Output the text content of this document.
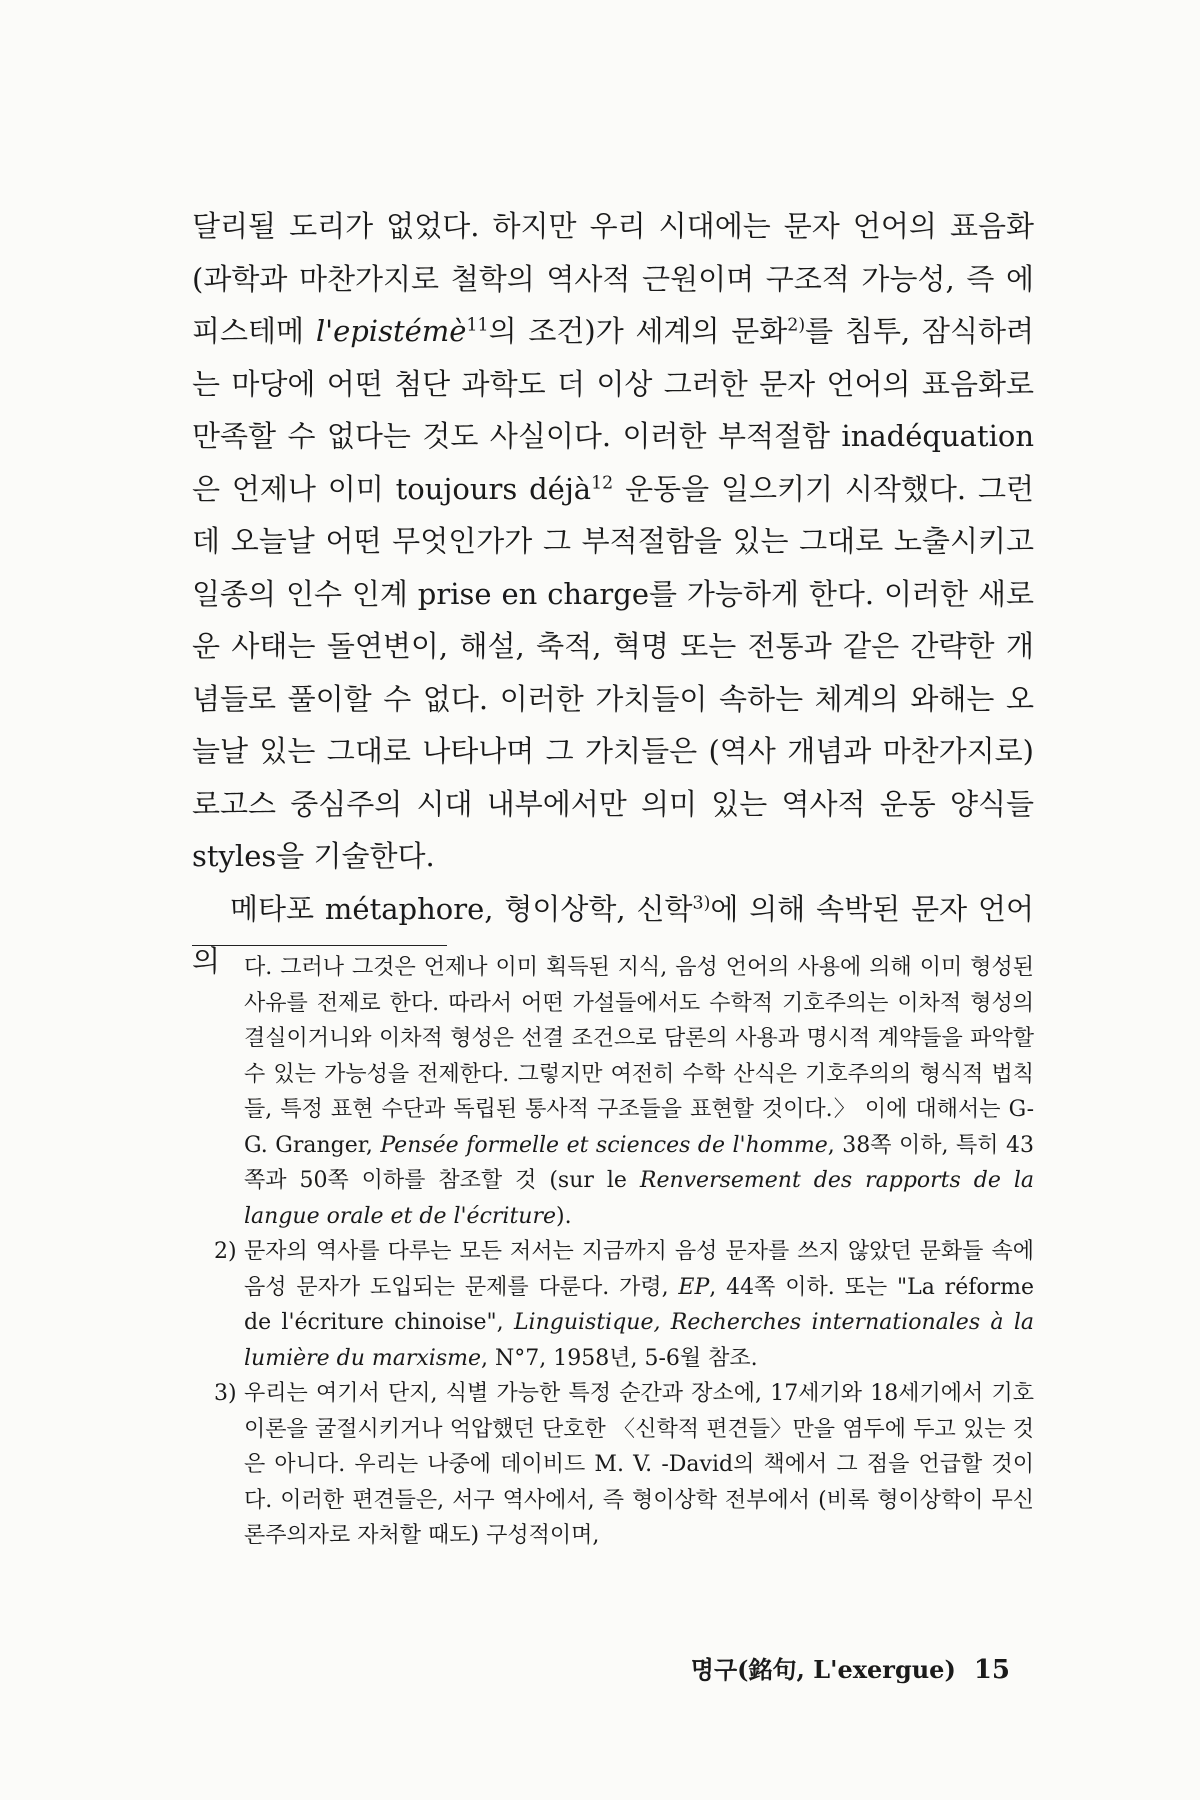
달리될 도리가 없었다. 하지만 우리 시대에는 문자 언어의 표음화(과학과 마찬가지로 철학의 역사적 근원이며 구조적 가능성, 즉 에피스테메 l'epistémè$^{11}$의 조건)가 세계의 문화$^{2)}$를 침투, 잠식하려는 마당에 어떤 첨단 과학도 더 이상 그러한 문자 언어의 표음화로 만족할 수 없다는 것도 사실이다. 이러한 부적절함 inadéquation은 언제나 이미 toujours déjà$^{12}$ 운동을 일으키기 시작했다. 그런데 오늘날 어떤 무엇인가가 그 부적절함을 있는 그대로 노출시키고 일종의 인수 인계 prise en charge를 가능하게 한다. 이러한 새로운 사태는 돌연변이, 해설, 축적, 혁명 또는 전통과 같은 간략한 개념들로 풀이할 수 없다. 이러한 가치들이 속하는 체계의 와해는 오늘날 있는 그대로 나타나며 그 가치들은 (역사 개념과 마찬가지로) 로고스 중심주의 시대 내부에서만 의미 있는 역사적 운동 양식들 styles을 기술한다.

메타포 métaphore, 형이상학, 신학$^{3)}$에 의해 속박된 문자 언어의	다. 그러나 그것은 언제나 이미 획득된 지식, 음성 언어의 사용에 의해 이미 형성된 사유를 전제로 한다. 따라서 어떤 가설들에서도 수학적 기호주의는 이차적 형성의 결실이거니와 이차적 형성은 선결 조건으로 담론의 사용과 명시적 계약들을 파악할 수 있는 가능성을 전제한다. 그렇지만 여전히 수학 산식은 기호주의의 형식적 법칙들, 특정 표현 수단과 독립된 통사적 구조들을 표현할 것이다.〉 이에 대해서는 G-G. Granger, Pensée formelle et sciences de l'homme, 38쪽 이하, 특히 43쪽과 50쪽 이하를 참조할 것 (sur le Renversement des rapports de la langue orale et de l'écriture).

2) 문자의 역사를 다루는 모든 저서는 지금까지 음성 문자를 쓰지 않았던 문화들 속에 음성 문자가 도입되는 문제를 다룬다. 가령, EP, 44쪽 이하. 또는 "La réforme de l'écriture chinoise", Linguistique, Recherches internationales à la lumière du marxisme, N°7, 1958년, 5-6월 참조.

3) 우리는 여기서 단지, 식별 가능한 특정 순간과 장소에, 17세기와 18세기에서 기호 이론을 굴절시키거나 억압했던 단호한 〈신학적 편견들〉만을 염두에 두고 있는 것은 아니다. 우리는 나중에 데이비드 M. V. -David의 책에서 그 점을 언급할 것이다. 이러한 편견들은, 서구 역사에서, 즉 형이상학 전부에서 (비록 형이상학이 무신론주의자로 자처할 때도) 구성적이며,

명구(銘句, L'exergue) 15
